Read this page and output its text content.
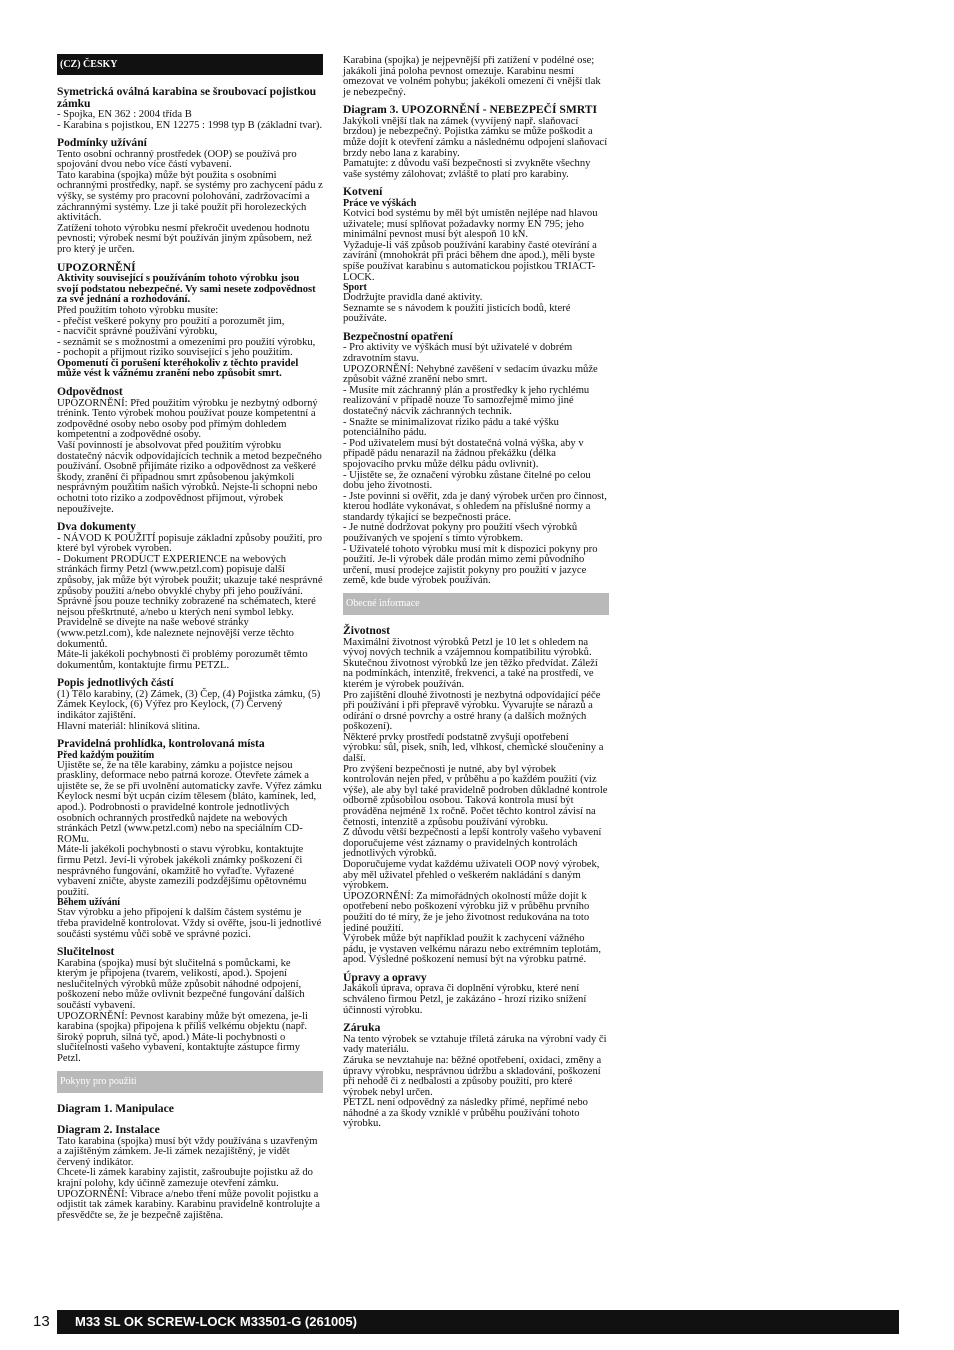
(CZ) ČESKY
Symetrická oválná karabina se šroubovací pojistkou zámku

- Spojka, EN 362 : 2004 třída B

- Karabina s pojistkou, EN 12275 : 1998 typ B (základní tvar).

Podmínky užívání

Tento osobní ochranný prostředek (OOP) se používá pro spojování dvou nebo více částí vybavení.

Tato karabina (spojka) může být použita s osobními ochrannými prostředky, např. se systémy pro zachycení pádu z výšky, se systémy pro pracovní polohování, zadržovacími a záchrannými systémy. Lze ji také použít při horolezeckých aktivitách.

Zatížení tohoto výrobku nesmí překročit uvedenou hodnotu pevnosti; výrobek nesmí být používán jiným způsobem, než pro který je určen.

UPOZORNĚNÍ

Aktivity související s používáním tohoto výrobku jsou svojí podstatou nebezpečné. Vy sami nesete zodpovědnost za své jednání a rozhodování.

Před použitím tohoto výrobku musíte:

- přečíst veškeré pokyny pro použití a porozumět jim,

- nacvičit správné používání výrobku,

- seznámit se s možnostmi a omezeními pro použití výrobku,

- pochopit a přijmout riziko související s jeho použitím.

Opomenutí či porušení kteréhokoliv z těchto pravidel může vést k vážnému zranění nebo způsobit smrt.

Odpovědnost

UPOZORNĚNÍ: Před použitím výrobku je nezbytný odborný trénink. Tento výrobek mohou používat pouze kompetentní a zodpovědné osoby nebo osoby pod přímým dohledem kompetentní a zodpovědné osoby.

Vaší povinností je absolvovat před použitím výrobku dostatečný nácvik odpovídajících technik a metod bezpečného používání. Osobně přijímáte riziko a odpovědnost za veškeré škody, zranění či případnou smrt způsobenou jakýmkoli nesprávným použitím našich výrobků. Nejste-li schopni nebo ochotni toto riziko a zodpovědnost přijmout, výrobek nepoužívejte.

Dva dokumenty

- NÁVOD K POUŽITÍ popisuje základní způsoby použití, pro které byl výrobek vyroben.

- Dokument PRODUCT EXPERIENCE na webových stránkách firmy Petzl (www.petzl.com) popisuje další způsoby, jak může být výrobek použit; ukazuje také nesprávné způsoby použití a/nebo obvyklé chyby při jeho používání. Správné jsou pouze techniky zobrazené na schématech, které nejsou přeškrtnuté, a/nebo u kterých není symbol lebky. Pravidelně se dívejte na naše webové stránky (www.petzl.com), kde naleznete nejnovější verze těchto dokumentů.

Máte-li jakékoli pochybnosti či problémy porozumět těmto dokumentům, kontaktujte firmu PETZL.

Popis jednotlivých částí

(1) Tělo karabiny, (2) Zámek, (3) Čep, (4) Pojistka zámku, (5) Zámek Keylock, (6) Výřez pro Keylock, (7) Červený indikátor zajištění.

Hlavní materiál: hliníková slitina.

Pravidelná prohlídka, kontrolovaná místa
Před každým použitím

Ujistěte se, že na těle karabiny, zámku a pojistce nejsou praskliny, deformace nebo patrná koroze. Otevřete zámek a ujistěte se, že se při uvolnění automaticky zavře. Výřez zámku Keylock nesmí být ucpán cizím tělesem (bláto, kamínek, led, apod.). Podrobnosti o pravidelné kontrole jednotlivých osobních ochranných prostředků najdete na webových stránkách Petzl (www.petzl.com) nebo na speciálním CD-ROMu.

Máte-li jakékoli pochybnosti o stavu výrobku, kontaktujte firmu Petzl. Jeví-li výrobek jakékoli známky poškození či nesprávného fungování, okamžitě ho vyřaďte. Vyřazené vybavení zničte, abyste zamezili podzdějšímu opětovnému použití.

Během užívání

Stav výrobku a jeho připojení k dalším částem systému je třeba pravidelně kontrolovat. Vždy si ověřte, jsou-li jednotlivé součásti systému vůči sobě ve správné pozici.

Slučitelnost

Karabina (spojka) musí být slučitelná s pomůckami, ke kterým je připojena (tvarem, velikostí, apod.). Spojení neslučitelných výrobků může způsobit náhodné odpojení, poškození nebo může ovlivnit bezpečné fungování dalších součástí vybavení.

UPOZORNĚNÍ: Pevnost karabiny může být omezena, je-li karabina (spojka) připojena k příliš velkému objektu (např. široký popruh, silná tyč, apod.) Máte-li pochybnosti o slučitelnosti vašeho vybavení, kontaktujte zástupce firmy Petzl.

Pokyny pro použití
Diagram 1. Manipulace
Diagram 2. Instalace

Tato karabina (spojka) musí být vždy používána s uzavřeným a zajištěným zámkem. Je-li zámek nezajištěný, je vidět červený indikátor.

Chcete-li zámek karabiny zajistit, zašroubujte pojistku až do krajní polohy, kdy účinně zamezuje otevření zámku.

UPOZORNĚNÍ: Vibrace a/nebo tření může povolit pojistku a odjistit tak zámek karabiny. Karabinu pravidelně kontrolujte a přesvědčte se, že je bezpečně zajištěna.

Karabina (spojka) je nejpevnější při zatížení v podélné ose; jakákoli jiná poloha pevnost omezuje. Karabinu nesmí omezovat ve volném pohybu; jakékoli omezení či vnější tlak je nebezpečný.

Diagram 3. UPOZORNĚNÍ - NEBEZPEČÍ SMRTI

Jakýkoli vnější tlak na zámek (vyvíjený např. slaňovací brzdou) je nebezpečný. Pojistka zámku se může poškodit a může dojít k otevření zámku a následnému odpojení slaňovací brzdy nebo lana z karabiny.

Pamatujte: z důvodu vaší bezpečnosti si zvykněte všechny vaše systémy zálohovat; zvláště to platí pro karabiny.

Kotvení
Práce ve výškách

Kotvicí bod systému by měl být umístěn nejlépe nad hlavou uživatele; musí splňovat požadavky normy EN 795; jeho minimální pevnost musí být alespoň 10 kN.

Vyžaduje-li váš způsob používání karabiny časté otevírání a zavírání (mnohokrát při práci během dne apod.), měli byste spíše používat karabinu s automatickou pojistkou TRIACT-LOCK.

Sport

Dodržujte pravidla dané aktivity.

Seznamte se s návodem k použití jisticích bodů, které používáte.

Bezpečnostní opatření

- Pro aktivity ve výškách musí být uživatelé v dobrém zdravotním stavu.

UPOZORNĚNÍ: Nehybné zavěšení v sedacím úvazku může způsobit vážné zranění nebo smrt.

- Musíte mít záchranný plán a prostředky k jeho rychlému realizování v případě nouze To samozřejmě mimo jiné dostatečný nácvik záchranných technik.

- Snažte se minimalizovat riziko pádu a také výšku potenciálního pádu.

- Pod uživatelem musí být dostatečná volná výška, aby v případě pádu nenarazil na žádnou překážku (délka spojovacího prvku může délku pádu ovlivnit).

- Ujistěte se, že označení výrobku zůstane čitelné po celou dobu jeho životnosti.

- Jste povinni si ověřit, zda je daný výrobek určen pro činnost, kterou hodláte vykonávat, s ohledem na příslušné normy a standardy týkající se bezpečnosti práce.

- Je nutné dodržovat pokyny pro použití všech výrobků používaných ve spojení s tímto výrobkem.

- Uživatelé tohoto výrobku musí mít k dispozici pokyny pro použití. Je-li výrobek dále prodán mimo zemi původního určení, musí prodejce zajistit pokyny pro použití v jazyce země, kde bude výrobek používán.

Obecné informace
Životnost

Maximální životnost výrobků Petzl je 10 let s ohledem na vývoj nových technik a vzájemnou kompatibilitu výrobků. Skutečnou životnost výrobků lze jen těžko předvídat. Záleží na podmínkách, intenzitě, frekvenci, a také na prostředí, ve kterém je výrobek používán.

Pro zajištění dlouhé životnosti je nezbytná odpovídající péče při používání i při přepravě výrobku. Vyvarujte se nárazů a odírání o drsné povrchy a ostré hrany (a dalších možných poškození).

Některé prvky prostředí podstatně zvyšují opotřebení výrobku: sůl, písek, sníh, led, vlhkost, chemické sloučeniny a další.

Pro zvýšení bezpečnosti je nutné, aby byl výrobek kontrolován nejen před, v průběhu a po každém použití (viz výše), ale aby byl také pravidelně podroben důkladné kontrole odborně způsobilou osobou. Taková kontrola musí být prováděna nejméně 1x ročně. Počet těchto kontrol závisí na četnosti, intenzitě a způsobu používání výrobku.

Z důvodu větší bezpečnosti a lepší kontroly vašeho vybavení doporučujeme vést záznamy o pravidelných kontrolách jednotlivých výrobků.

Doporučujeme vydat každému uživateli OOP nový výrobek, aby měl uživatel přehled o veškerém nakládání s daným výrobkem.

UPOZORNĚNÍ: Za mimořádných okolností může dojít k opotřebení nebo poškození výrobku již v průběhu prvního použití do té míry, že je jeho životnost redukována na toto jediné použití.

Výrobek může být například použit k zachycení vážného pádu, je vystaven velkému nárazu nebo extrémním teplotám, apod. Výsledné poškození nemusí být na výrobku patrné.

Úpravy a opravy

Jakákoli úprava, oprava či doplnění výrobku, které není schváleno firmou Petzl, je zakázáno - hrozí riziko snížení účinnosti výrobku.

Záruka

Na tento výrobek se vztahuje tříletá záruka na výrobní vady či vady materiálu.

Záruka se nevztahuje na: běžné opotřebení, oxidaci, změny a úpravy výrobku, nesprávnou údržbu a skladování, poškození při nehodě či z nedbalosti a způsoby použití, pro které výrobek nebyl určen.

PETZL není odpovědný za následky přímé, nepřímé nebo náhodné a za škody vzniklé v průběhu používání tohoto výrobku.

13	M33 SL OK SCREW-LOCK M33501-G (261005)
